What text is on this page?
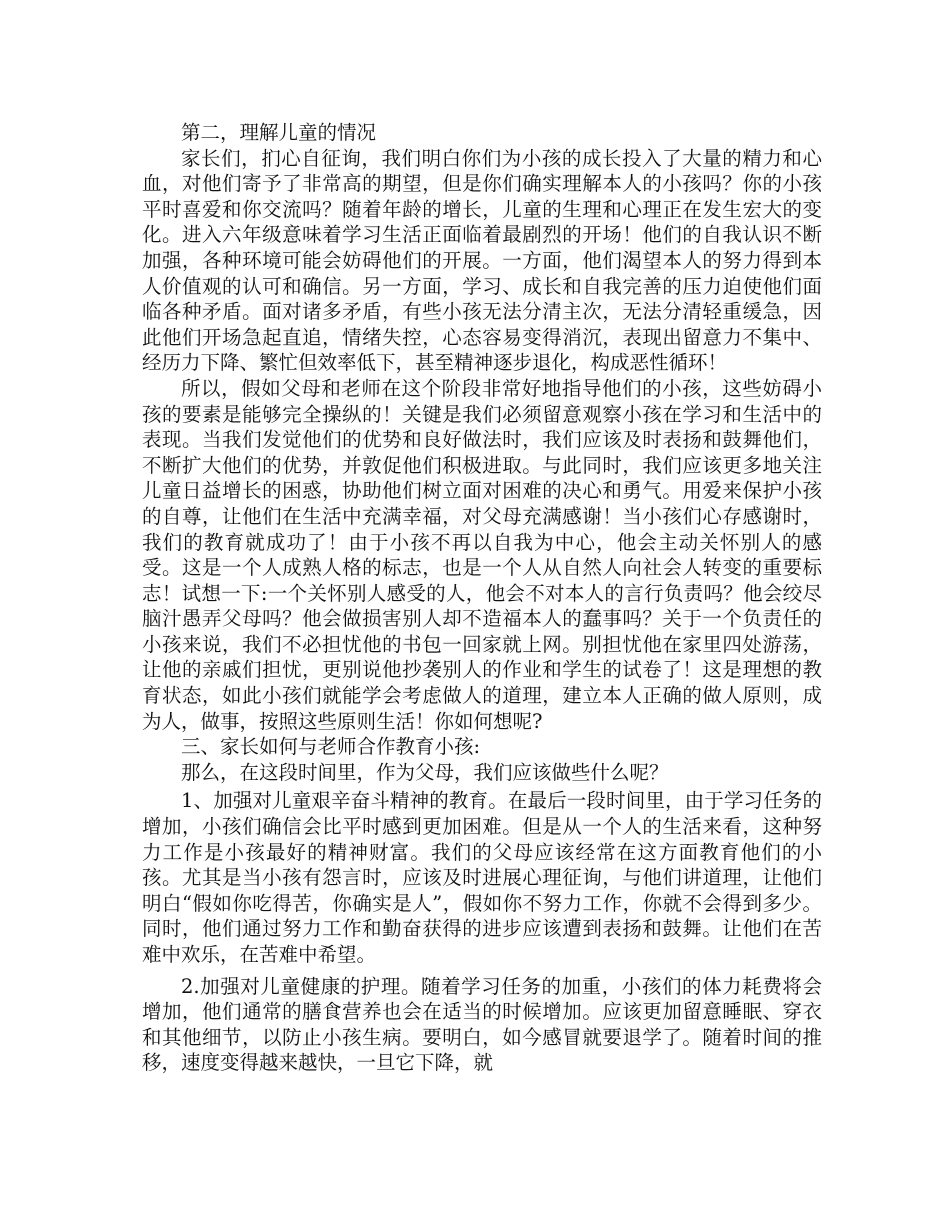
第二，理解儿童的情况

家长们，扪心自征询，我们明白你们为小孩的成长投入了大量的精力和心血，对他们寄予了非常高的期望，但是你们确实理解本人的小孩吗？你的小孩平时喜爱和你交流吗？随着年龄的增长，儿童的生理和心理正在发生宏大的变化。进入六年级意味着学习生活正面临着最剧烈的开场！他们的自我认识不断加强，各种环境可能会妨碍他们的开展。一方面，他们渴望本人的努力得到本人价值观的认可和确信。另一方面，学习、成长和自我完善的压力迫使他们面临各种矛盾。面对诸多矛盾，有些小孩无法分清主次，无法分清轻重缓急，因此他们开场急起直追，情绪失控，心态容易变得消沉，表现出留意力不集中、经历力下降、繁忙但效率低下，甚至精神逐步退化，构成恶性循环！

所以，假如父母和老师在这个阶段非常好地指导他们的小孩，这些妨碍小孩的要素是能够完全操纵的！关键是我们必须留意观察小孩在学习和生活中的表现。当我们发觉他们的优势和良好做法时，我们应该及时表扬和鼓舞他们，不断扩大他们的优势，并敦促他们积极进取。与此同时，我们应该更多地关注儿童日益增长的困惑，协助他们树立面对困难的决心和勇气。用爱来保护小孩的自尊，让他们在生活中充满幸福，对父母充满感谢！当小孩们心存感谢时，我们的教育就成功了！由于小孩不再以自我为中心，他会主动关怀别人的感受。这是一个人成熟人格的标志，也是一个人从自然人向社会人转变的重要标志！试想一下:一个关怀别人感受的人，他会不对本人的言行负责吗？他会绞尽脑汁愚弄父母吗？他会做损害别人却不造福本人的蠢事吗？关于一个负责任的小孩来说，我们不必担忧他的书包一回家就上网。别担忧他在家里四处游荡，让他的亲戚们担忧，更别说他抄袭别人的作业和学生的试卷了！这是理想的教育状态，如此小孩们就能学会考虑做人的道理，建立本人正确的做人原则，成为人，做事，按照这些原则生活！你如何想呢?

三、家长如何与老师合作教育小孩:

那么，在这段时间里，作为父母，我们应该做些什么呢？

1、加强对儿童艰辛奋斗精神的教育。在最后一段时间里，由于学习任务的增加，小孩们确信会比平时感到更加困难。但是从一个人的生活来看，这种努力工作是小孩最好的精神财富。我们的父母应该经常在这方面教育他们的小孩。尤其是当小孩有怨言时，应该及时进展心理征询，与他们讲道理，让他们明白“假如你吃得苦，你确实是人”，假如你不努力工作，你就不会得到多少。同时，他们通过努力工作和勤奋获得的进步应该遭到表扬和鼓舞。让他们在苦难中欢乐，在苦难中希望。

2.加强对儿童健康的护理。随着学习任务的加重，小孩们的体力耗费将会增加，他们通常的膳食营养也会在适当的时候增加。应该更加留意睡眠、穿衣和其他细节，以防止小孩生病。要明白，如今感冒就要退学了。随着时间的推移，速度变得越来越快，一旦它下降，就
